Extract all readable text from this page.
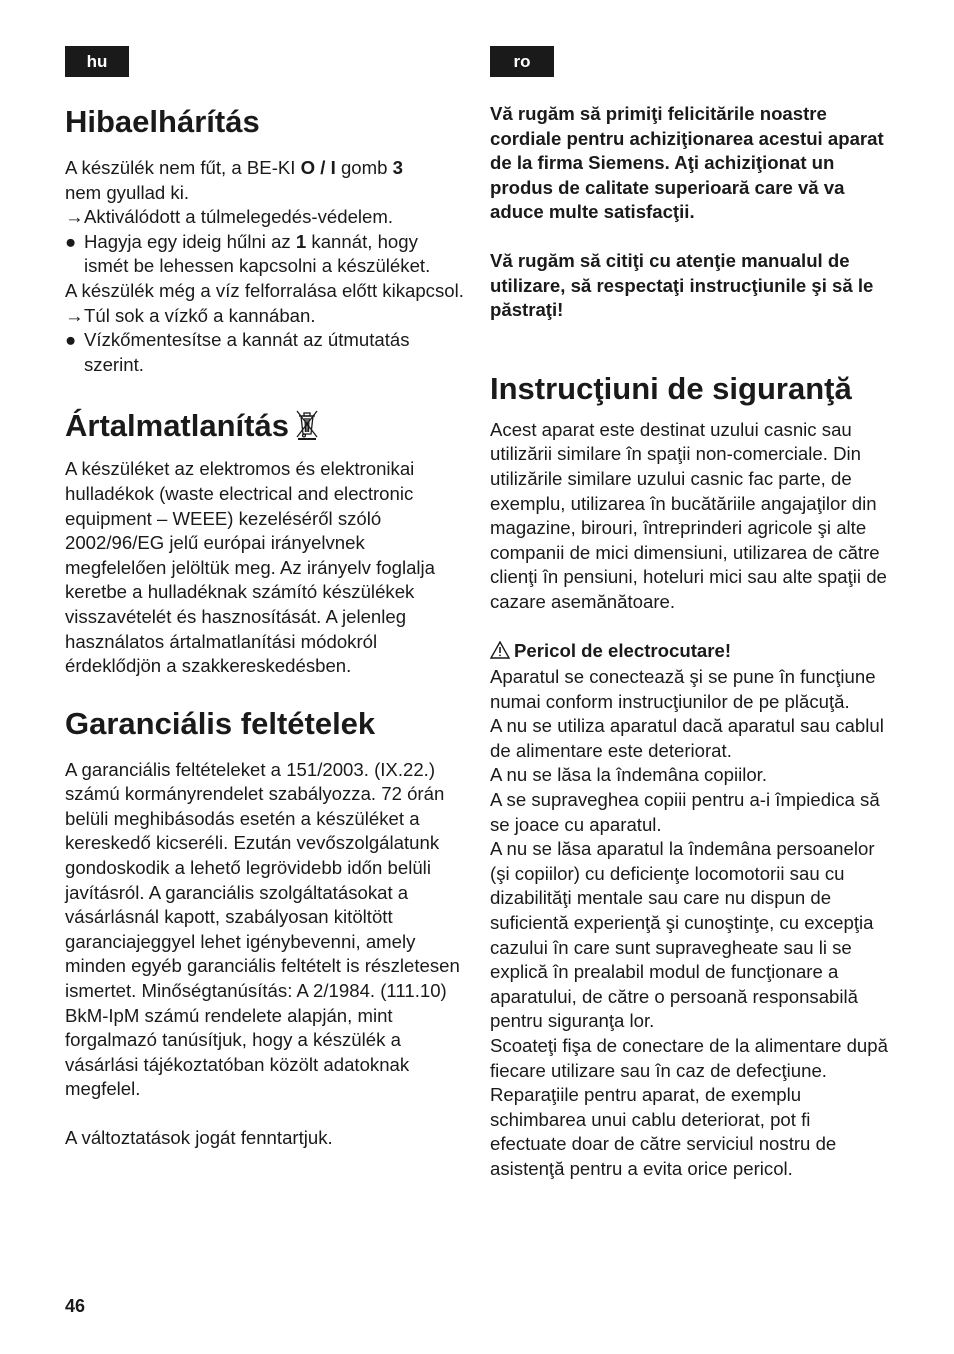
hu
Hibaelhárítás

A készülék nem fűt, a BE-KI O / I gomb 3
nem gyullad ki.

→ Aktiválódott a túlmelegedés-védelem.
● Hagyja egy ideig hűlni az 1 kannát, hogy ismét be lehessen kapcsolni a készüléket.

A készülék még a víz felforralása előtt kikapcsol.

→ Túl sok a vízkő a kannában.
● Vízkőmentesítse a kannát az útmutatás szerint.
Ártalmatlanítás

A készüléket az elektromos és elektronikai hulladékok (waste electrical and electronic equipment – WEEE) kezeléséről szóló 2002/96/EG jelű európai irányelvnek megfelelően jelöltük meg. Az irányelv foglalja keretbe a hulladéknak számító készülékek visszavételét és hasznosítását. A jelenleg használatos ártalmatlanítási módokról érdeklődjön a szakkereskedésben.

Garanciális feltételek

A garanciális feltételeket a 151/2003. (IX.22.) számú kormányrendelet szabályozza. 72 órán belüli meghibásodás esetén a készüléket a kereskedő kicseréli. Ezután vevőszolgálatunk gondoskodik a lehető legrövidebb időn belüli javításról. A garanciális szolgáltatásokat a vásárlásnál kapott, szabályosan kitöltött garanciajeggyel lehet igénybevenni, amely minden egyéb garanciális feltételt is részletesen ismertet. Minőségtanúsítás: A 2/1984. (111.10) BkM-IpM számú rendelete alapján, mint forgalmazó tanúsítjuk, hogy a készülék a vásárlási tájékoztatóban közölt adatoknak megfelel.

A változtatások jogát fenntartjuk.

ro

Vă rugăm să primiţi felicitările noastre cordiale pentru achiziţionarea acestui aparat de la firma Siemens. Aţi achiziţionat un produs de calitate superioară care vă va aduce multe satisfacţii.

Vă rugăm să citiţi cu atenţie manualul de utilizare, să respectaţi instrucţiunile şi să le păstraţi!

Instrucţiuni de siguranţă

Acest aparat este destinat uzului casnic sau utilizării similare în spaţii non-comerciale. Din utilizările similare uzului casnic fac parte, de exemplu, utilizarea în bucătăriile angajaţilor din magazine, birouri, întreprinderi agricole şi alte companii de mici dimensiuni, utilizarea de către clienţi în pensiuni, hoteluri mici sau alte spaţii de cazare asemănătoare.

Pericol de electrocutare!

Aparatul se conectează şi se pune în funcţiune numai conform instrucţiunilor de pe plăcuţă.

A nu se utiliza aparatul dacă aparatul sau cablul de alimentare este deteriorat.

A nu se lăsa la îndemâna copiilor.

A se supraveghea copiii pentru a-i împiedica să se joace cu aparatul.

A nu se lăsa aparatul la îndemâna persoanelor (şi copiilor) cu deficienţe locomotorii sau cu dizabilităţi mentale sau care nu dispun de suficientă experienţă şi cunoştinţe, cu excepţia cazului în care sunt supravegheate sau li se explică în prealabil modul de funcţionare a aparatului, de către o persoană responsabilă pentru siguranţa lor.

Scoateţi fişa de conectare de la alimentare după fiecare utilizare sau în caz de defecţiune.

Reparaţiile pentru aparat, de exemplu schimbarea unui cablu deteriorat, pot fi efectuate doar de către serviciul nostru de asistenţă pentru a evita orice pericol.

46
